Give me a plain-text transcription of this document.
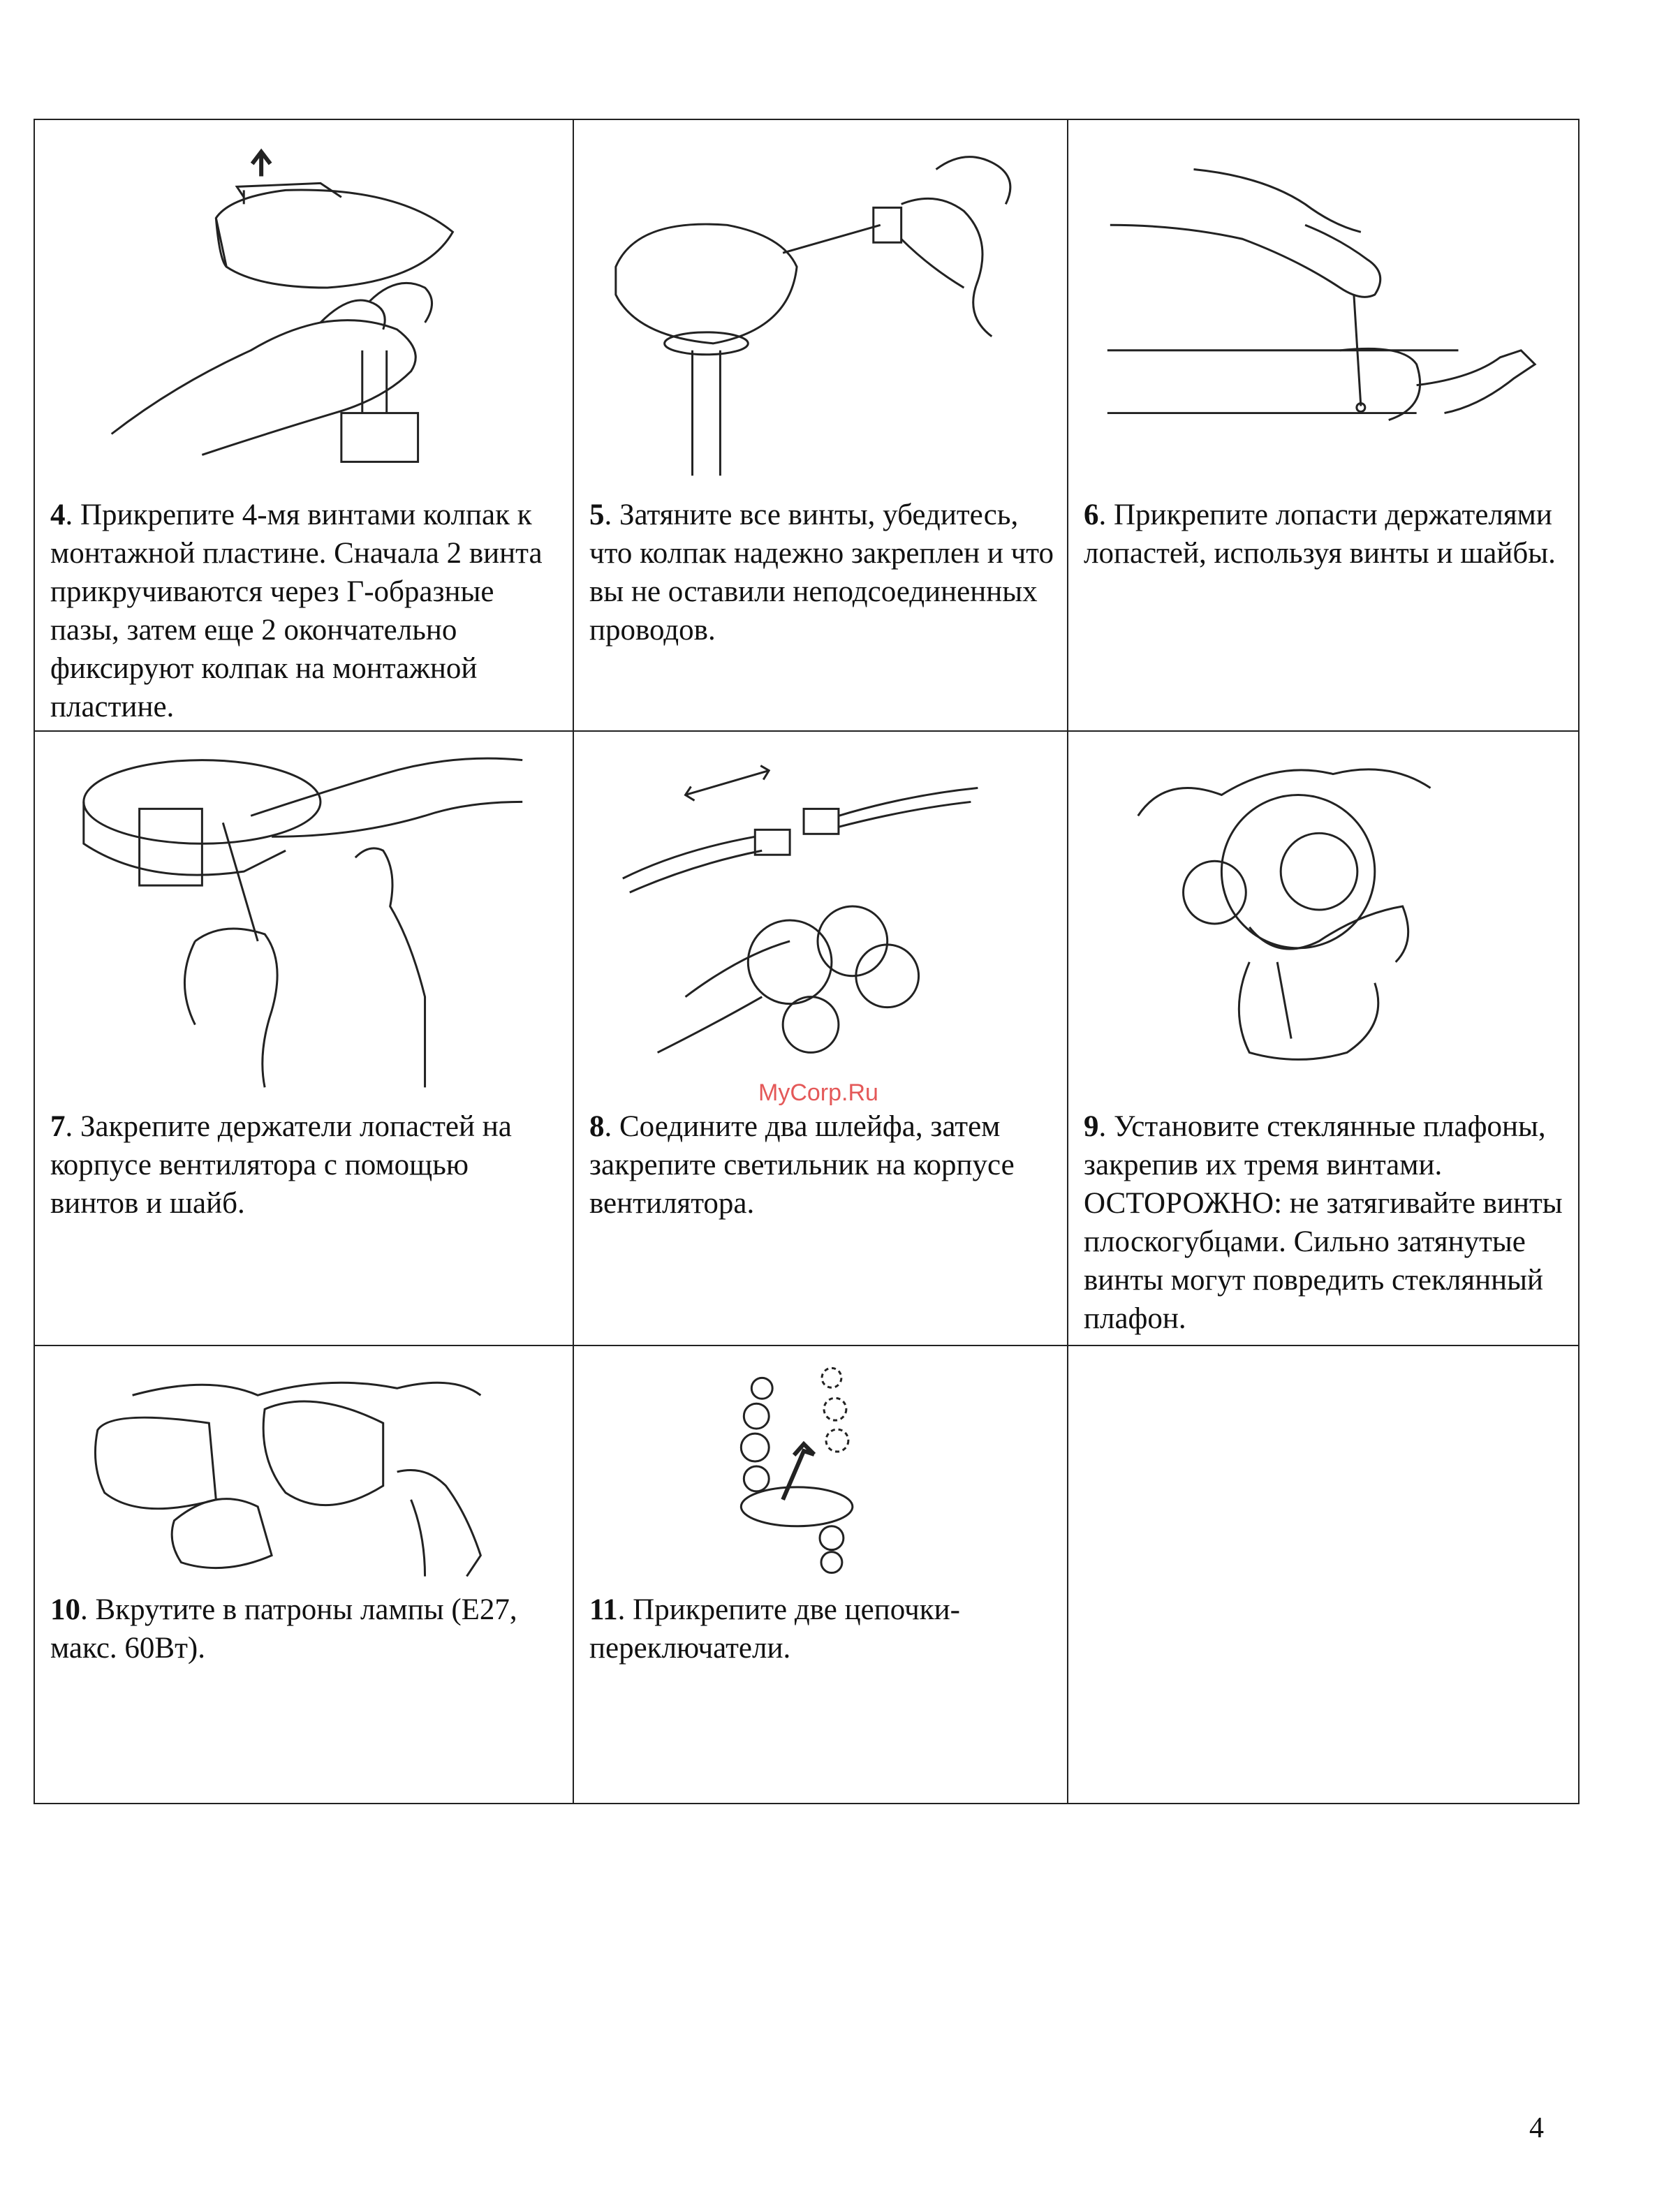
4. Прикрепите 4-мя винтами колпак к монтажной пластине. Сначала 2 винта прикручиваются через Г-образные пазы, затем еще 2 окончательно фиксируют колпак на монтажной пластине.	5. Затяните все винты, убедитесь, что колпак надежно закреплен и что вы не оставили неподсоединенных проводов.	6. Прикрепите лопасти держателями лопастей, используя винты и шайбы.

7. Закрепите держатели лопастей на корпусе вентилятора с помощью винтов и шайб.	8. Соедините два шлейфа, затем закрепите светильник на корпусе вентилятора.	9. Установите стеклянные плафоны, закрепив их тремя винтами. ОСТОРОЖНО: не затягивайте винты плоскогубцами. Сильно затянутые винты могут повредить стеклянный плафон.

10. Вкрутите в патроны лампы (E27, макс. 60Вт).	11. Прикрепите две цепочки-переключатели.	

MyCorp.Ru
4
